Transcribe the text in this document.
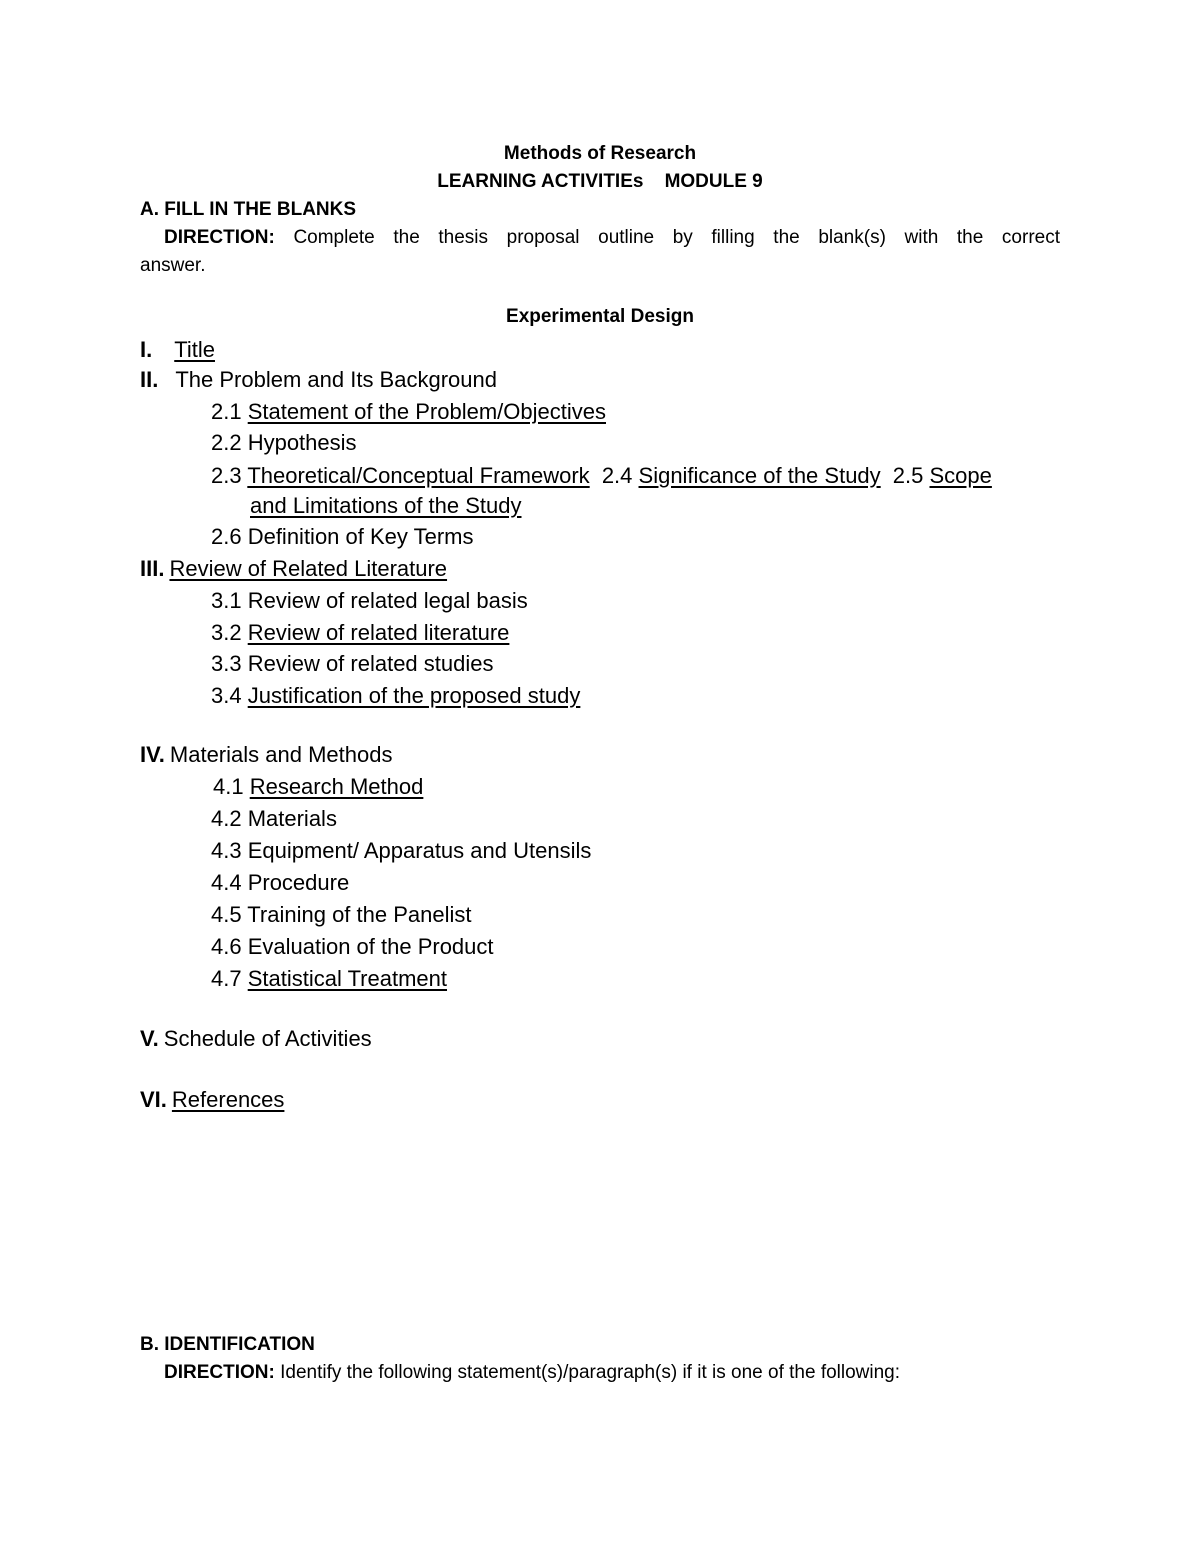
Methods of Research
LEARNING ACTIVITIEs    MODULE 9
A. FILL IN THE BLANKS
DIRECTION: Complete the thesis proposal outline by filling the blank(s) with the correct
answer.
Experimental Design
I. Title
II. The Problem and Its Background
2.1 Statement of the Problem/Objectives
2.2 Hypothesis
2.3 Theoretical/Conceptual Framework 2.4 Significance of the Study 2.5 Scope
and Limitations of the Study
2.6 Definition of Key Terms
III. Review of Related Literature
3.1 Review of related legal basis
3.2 Review of related literature
3.3 Review of related studies
3.4 Justification of the proposed study
IV. Materials and Methods
4.1 Research Method
4.2 Materials
4.3 Equipment/ Apparatus and Utensils
4.4 Procedure
4.5 Training of the Panelist
4.6 Evaluation of the Product
4.7 Statistical Treatment
V. Schedule of Activities
VI. References
B. IDENTIFICATION
DIRECTION: Identify the following statement(s)/paragraph(s) if it is one of the following:
